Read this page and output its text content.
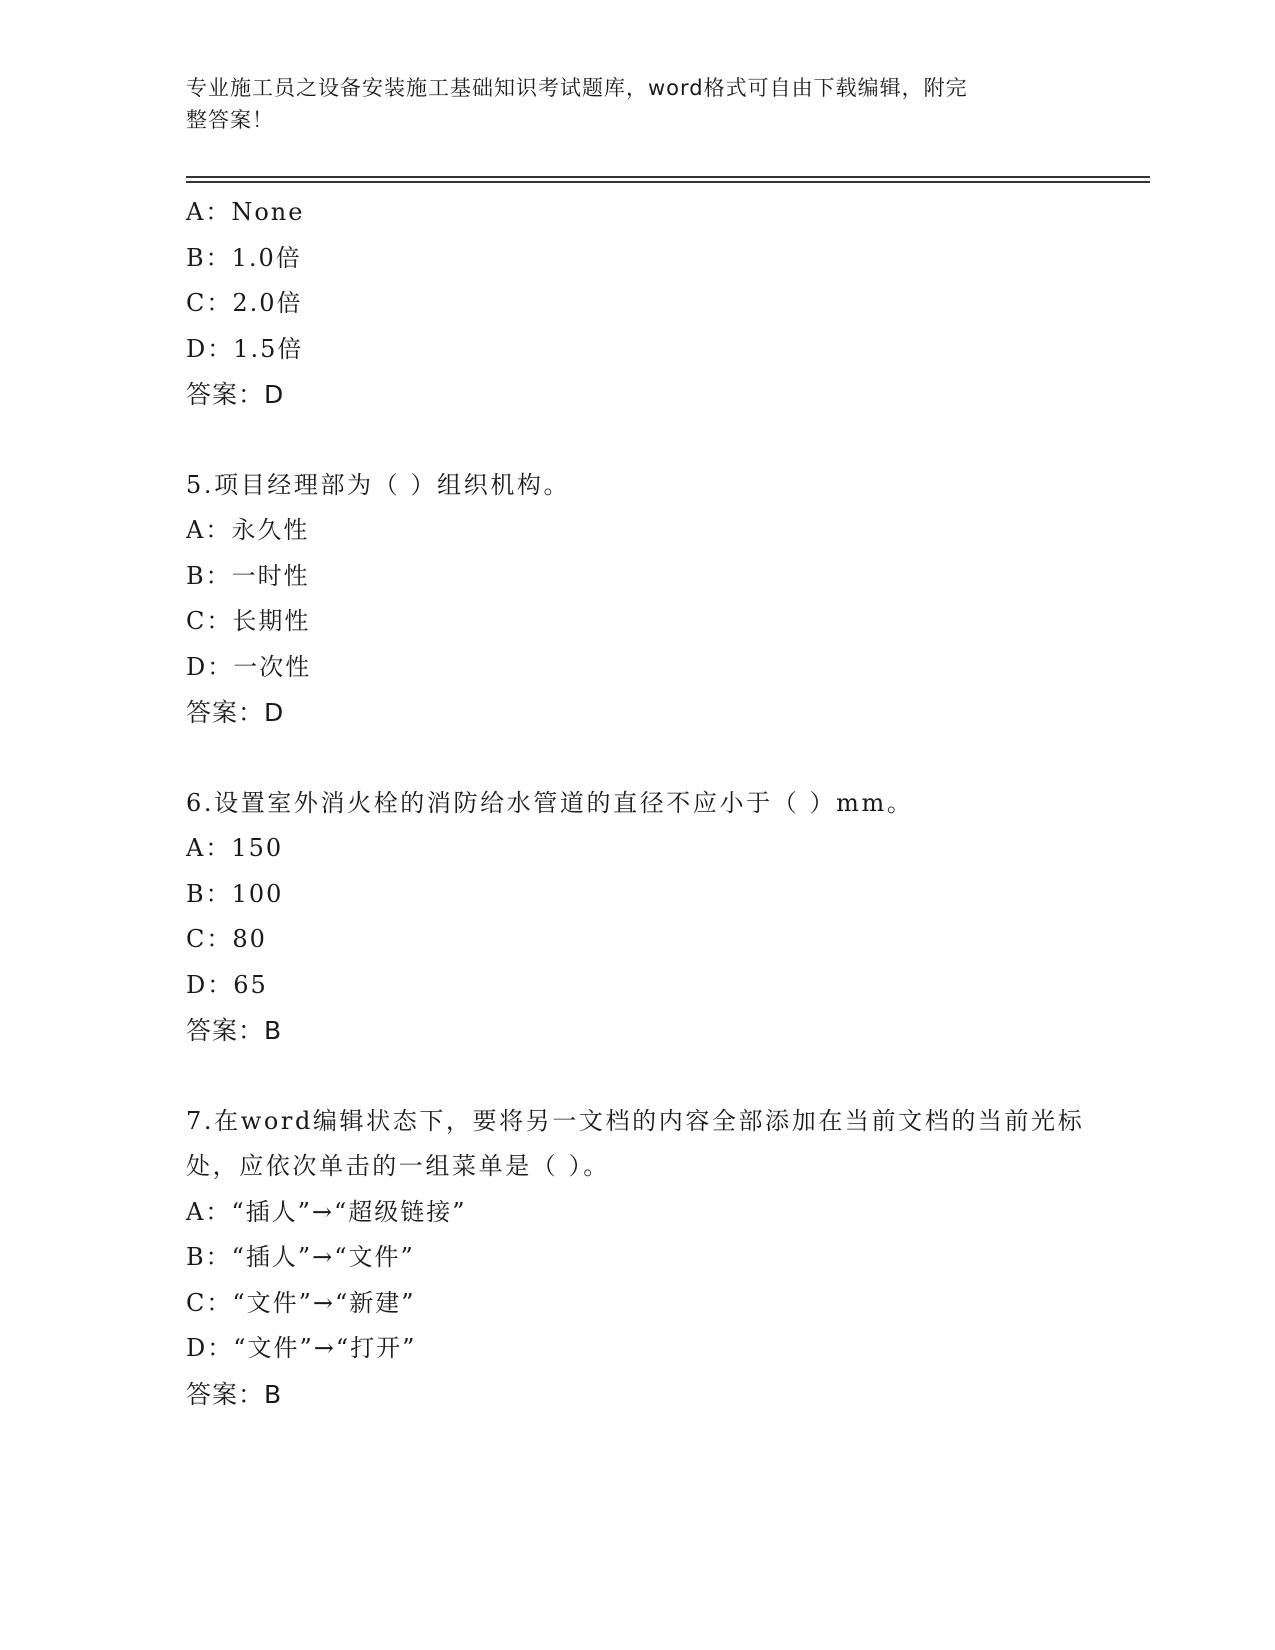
专业施工员之设备安装施工基础知识考试题库，word格式可自由下载编辑，附完
整答案！
A：None
B：1.0倍
C：2.0倍
D：1.5倍
答案：D
5.项目经理部为（ ）组织机构。
A：永久性
B：一时性
C：长期性
D：一次性
答案：D
6.设置室外消火栓的消防给水管道的直径不应小于（ ）mm。
A：150
B：100
C：80
D：65
答案：B
7.在word编辑状态下，要将另一文档的内容全部添加在当前文档的当前光标处，应依次单击的一组菜单是（ ）。
A：“插人”→“超级链接”
B：“插人”→“文件”
C：“文件”→“新建”
D：“文件”→“打开”
答案：B
